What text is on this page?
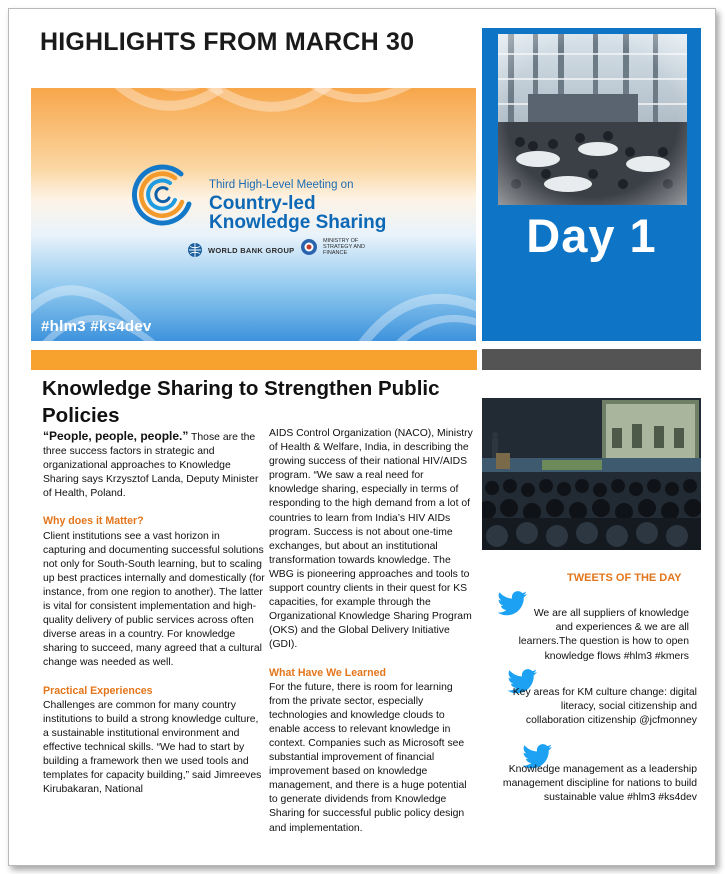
HIGHLIGHTS FROM MARCH 30
Third High-Level Meeting on
Country-led
Knowledge Sharing
WORLD BANK GROUP
MINISTRY OF STRATEGY AND FINANCE
#hlm3 #ks4dev
Day 1
Knowledge Sharing to Strengthen Public Policies

“People, people, people.” Those are the three success factors in strategic and organizational approaches to Knowledge Sharing says Krzysztof Landa, Deputy Minister of Health, Poland.

Why does it Matter?

Client institutions see a vast horizon in capturing and documenting successful solutions not only for South-South learning, but to scaling up best practices internally and domestically (for instance, from one region to another). The latter is vital for consistent implementation and high-quality delivery of public services across often diverse areas in a country. For knowledge sharing to succeed, many agreed that a cultural change was needed as well.

Practical Experiences

Challenges are common for many country institutions to build a strong knowledge culture, a sustainable institutional environment and effective technical skills. “We had to start by building a framework then we used tools and templates for capacity building,” said Jimreeves Kirubakaran, National

AIDS Control Organization (NACO), Ministry of Health & Welfare, India, in describing the growing success of their national HIV/AIDS program. “We saw a real need for knowledge sharing, especially in terms of responding to the high demand from a lot of countries to learn from India’s HIV AIDs program. Success is not about one-time exchanges, but about an institutional transformation towards knowledge. The WBG is pioneering approaches and tools to support country clients in their quest for KS capacities, for example through the Organizational Knowledge Sharing Program (OKS) and the Global Delivery Initiative (GDI).

What Have We Learned

For the future, there is room for learning from the private sector, especially technologies and knowledge clouds to enable access to relevant knowledge in context. Companies such as Microsoft see substantial improvement of financial improvement based on knowledge management, and there is a huge potential to generate dividends from Knowledge Sharing for successful public policy design and implementation.

TWEETS OF THE DAY
We are all suppliers of knowledge and experiences & we are all learners.The question is how to open knowledge flows #hlm3 #kmers
Key areas for KM culture change: digital literacy, social citizenship and collaboration citizenship @jcfmonney
Knowledge management as a leadership management discipline for nations to build sustainable value #hlm3 #ks4dev
